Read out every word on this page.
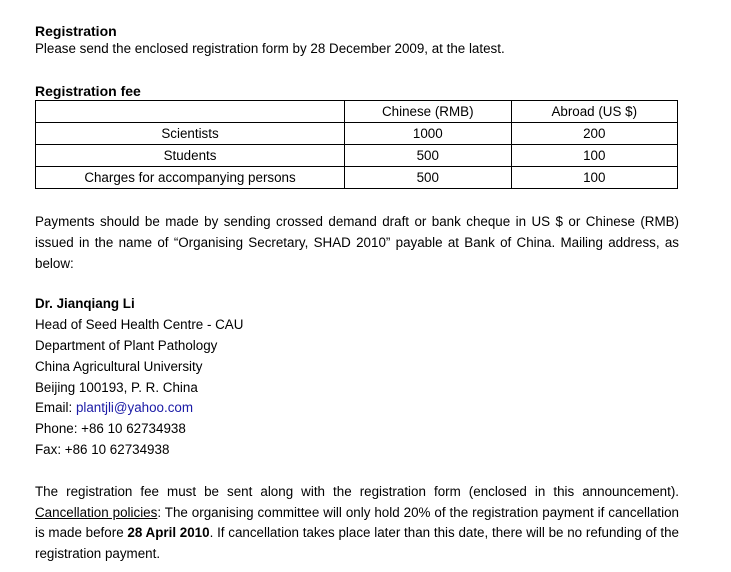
Registration

Please send the enclosed registration form by 28 December 2009, at the latest.

Registration fee

	Chinese (RMB)	Abroad (US $)
Scientists	1000	200
Students	500	100
Charges for accompanying persons	500	100

Payments should be made by sending crossed demand draft or bank cheque in US $ or Chinese (RMB) issued in the name of “Organising Secretary, SHAD 2010” payable at Bank of China. Mailing address, as below:

Dr. Jianqiang Li

Head of Seed Health Centre - CAU

Department of Plant Pathology

China Agricultural University

Beijing 100193, P. R. China

Email: plantjli@yahoo.com

Phone: +86 10 62734938

Fax: +86 10 62734938

The registration fee must be sent along with the registration form (enclosed in this announcement). Cancellation policies: The organising committee will only hold 20% of the registration payment if cancellation is made before 28 April 2010. If cancellation takes place later than this date, there will be no refunding of the registration payment.
